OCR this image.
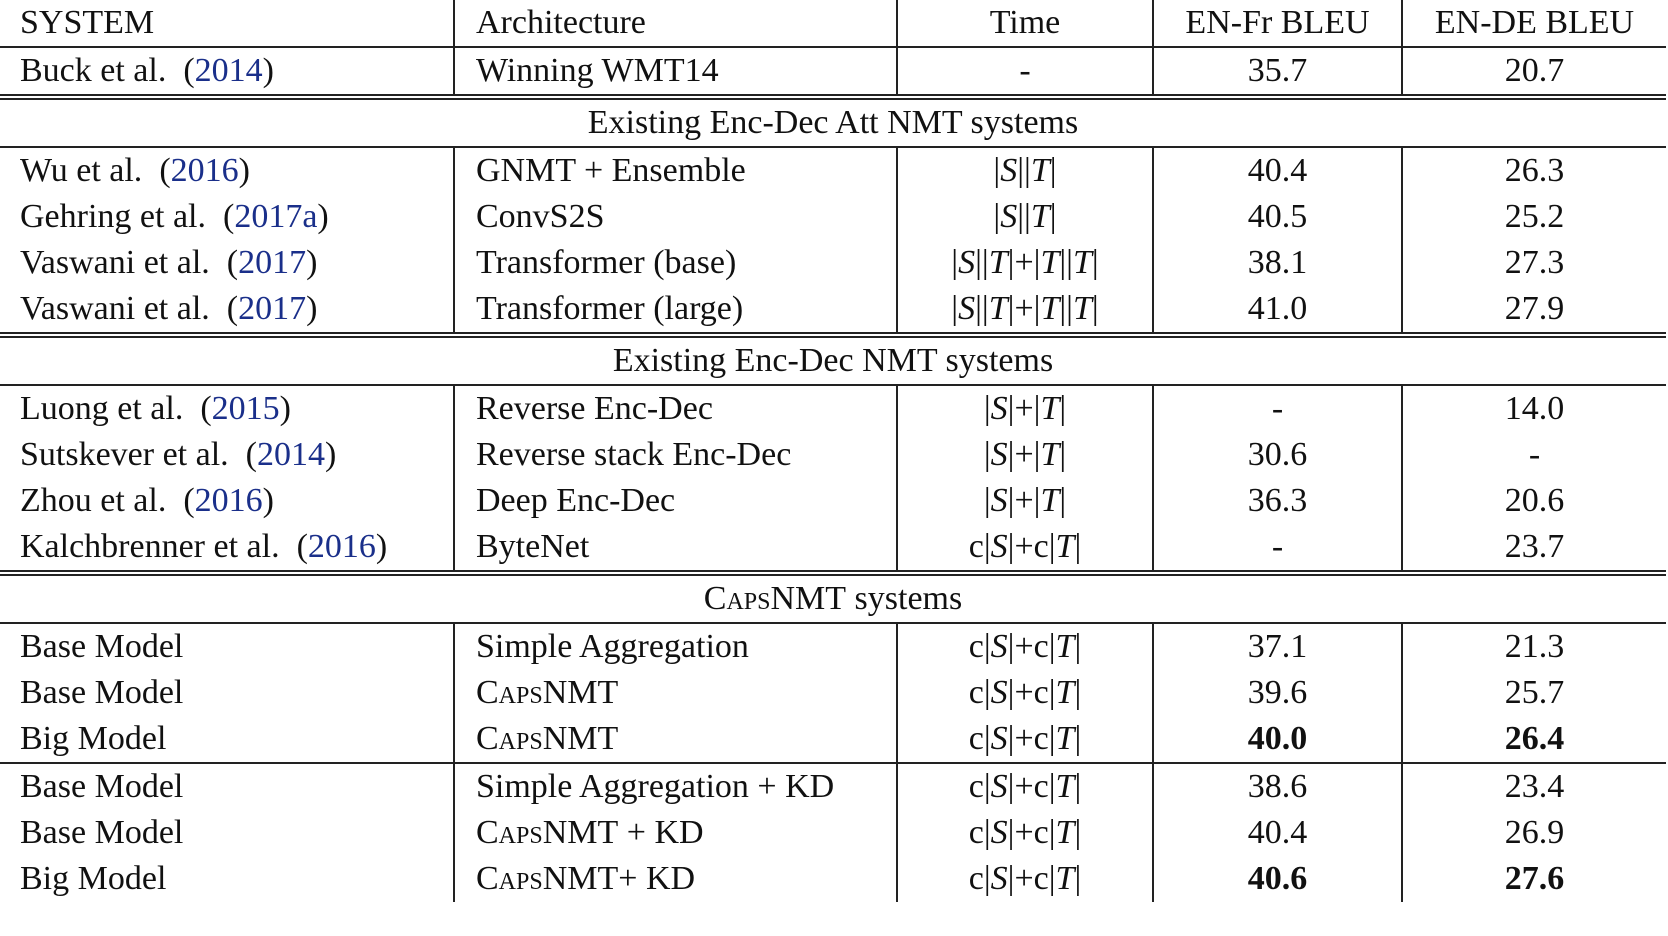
SYSTEM	Architecture	Time	EN-Fr BLEU	EN-DE BLEU
Buck et al.  (2014)	Winning WMT14	-	35.7	20.7
Existing Enc-Dec Att NMT systems				
Wu et al.  (2016)	GNMT + Ensemble	|S||T|	40.4	26.3
Gehring et al.  (2017a)	ConvS2S	|S||T|	40.5	25.2
Vaswani et al.  (2017)	Transformer (base)	|S||T|+|T||T|	38.1	27.3
Vaswani et al.  (2017)	Transformer (large)	|S||T|+|T||T|	41.0	27.9
Existing Enc-Dec NMT systems				
Luong et al.  (2015)	Reverse Enc-Dec	|S|+|T|	-	14.0
Sutskever et al.  (2014)	Reverse stack Enc-Dec	|S|+|T|	30.6	-
Zhou et al.  (2016)	Deep Enc-Dec	|S|+|T|	36.3	20.6
Kalchbrenner et al.  (2016)	ByteNet	c|S|+c|T|	-	23.7
CapsNMT systems				
Base Model	Simple Aggregation	c|S|+c|T|	37.1	21.3
Base Model	CapsNMT	c|S|+c|T|	39.6	25.7
Big Model	CapsNMT	c|S|+c|T|	40.0	26.4
Base Model	Simple Aggregation + KD	c|S|+c|T|	38.6	23.4
Base Model	CapsNMT + KD	c|S|+c|T|	40.4	26.9
Big Model	CapsNMT+ KD	c|S|+c|T|	40.6	27.6
